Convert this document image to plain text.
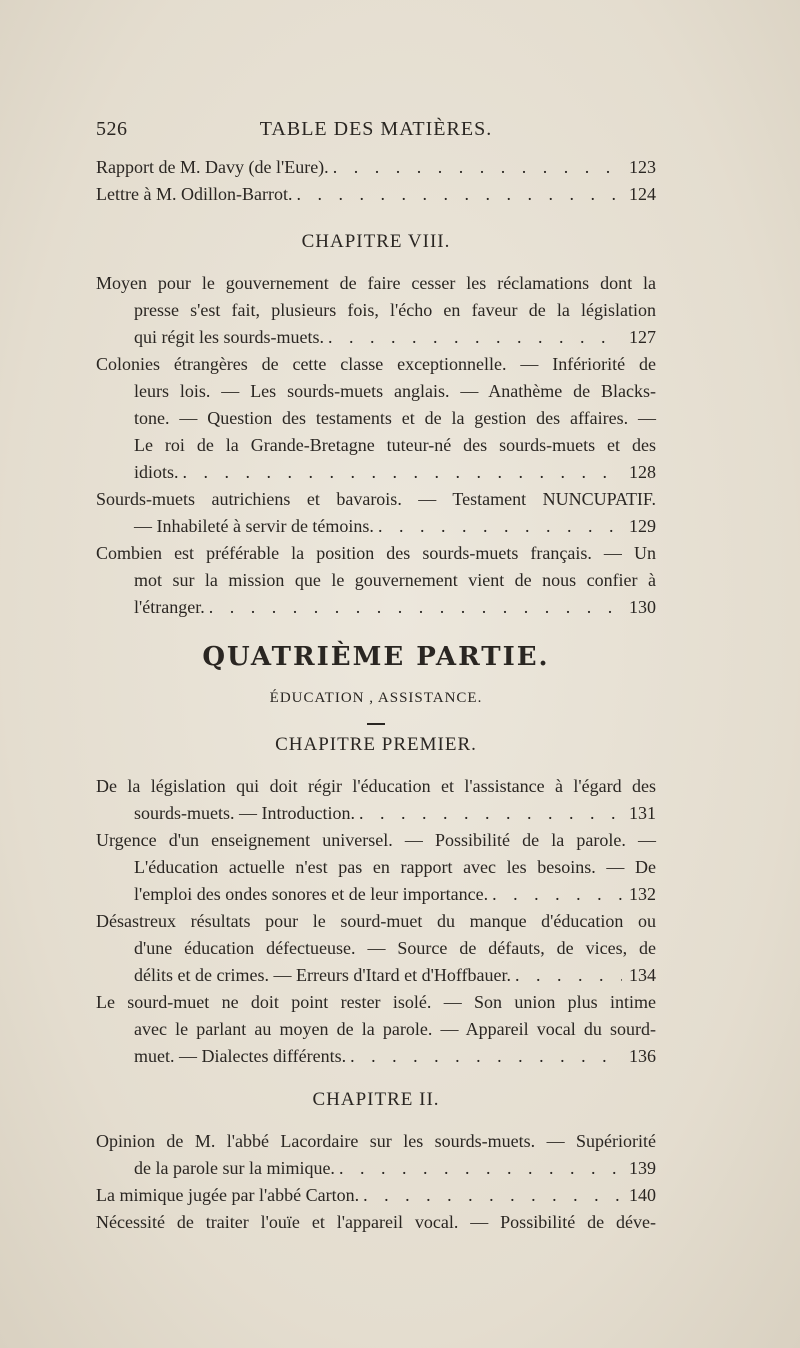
526	TABLE DES MATIÈRES.
Rapport de M. Davy (de l'Eure). . . .	123
Lettre à M. Odillon-Barrot. . . .	124
CHAPITRE VIII.
Moyen pour le gouvernement de faire cesser les réclamations dont la
presse s'est fait, plusieurs fois, l'écho en faveur de la législation
qui régit les sourds-muets. . . .	127
Colonies étrangères de cette classe exceptionnelle. — Infériorité de
leurs lois. — Les sourds-muets anglais. — Anathème de Blacks-
tone. — Question des testaments et de la gestion des affaires. —
Le roi de la Grande-Bretagne tuteur-né des sourds-muets et des
idiots. . . .	128
Sourds-muets autrichiens et bavarois. — Testament NUNCUPATIF.
— Inhabileté à servir de témoins. . . .	129
Combien est préférable la position des sourds-muets français. — Un
mot sur la mission que le gouvernement vient de nous confier à
l'étranger. . . .	130
QUATRIÈME PARTIE.
ÉDUCATION , ASSISTANCE.
CHAPITRE PREMIER.
De la législation qui doit régir l'éducation et l'assistance à l'égard des
sourds-muets. — Introduction. . . .	131
Urgence d'un enseignement universel. — Possibilité de la parole. —
L'éducation actuelle n'est pas en rapport avec les besoins. — De
l'emploi des ondes sonores et de leur importance. . . .	132
Désastreux résultats pour le sourd-muet du manque d'éducation ou
d'une éducation défectueuse. — Source de défauts, de vices, de
délits et de crimes. — Erreurs d'Itard et d'Hoffbauer. . . .	134
Le sourd-muet ne doit point rester isolé. — Son union plus intime
avec le parlant au moyen de la parole. — Appareil vocal du sourd-
muet. — Dialectes différents. . . .	136
CHAPITRE II.
Opinion de M. l'abbé Lacordaire sur les sourds-muets. — Supériorité
de la parole sur la mimique. . . .	139
La mimique jugée par l'abbé Carton. . . .	140
Nécessité de traiter l'ouïe et l'appareil vocal. — Possibilité de déve-
